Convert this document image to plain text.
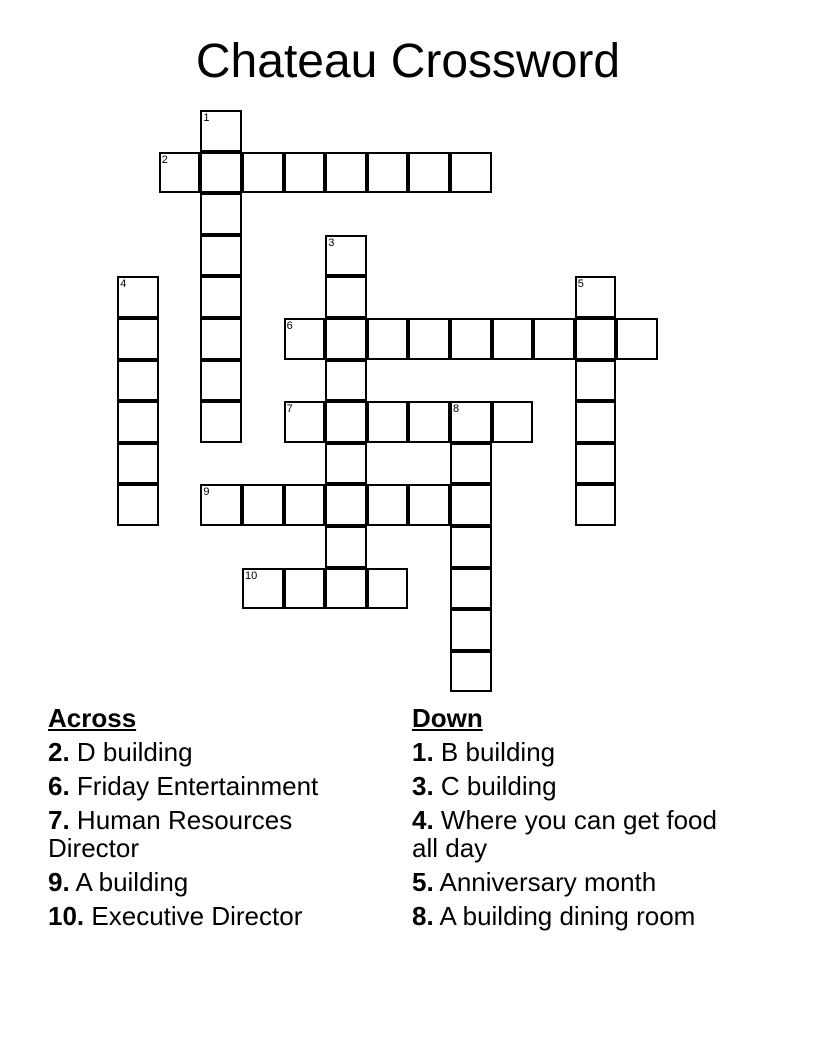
Chateau Crossword
1
2
3
4	5
6
7	8
9
10
Across
2. D building
6. Friday Entertainment
7. Human Resources Director
9. A building
10. Executive Director
Down
1. B building
3. C building
4. Where you can get food all day
5. Anniversary month
8. A building dining room
